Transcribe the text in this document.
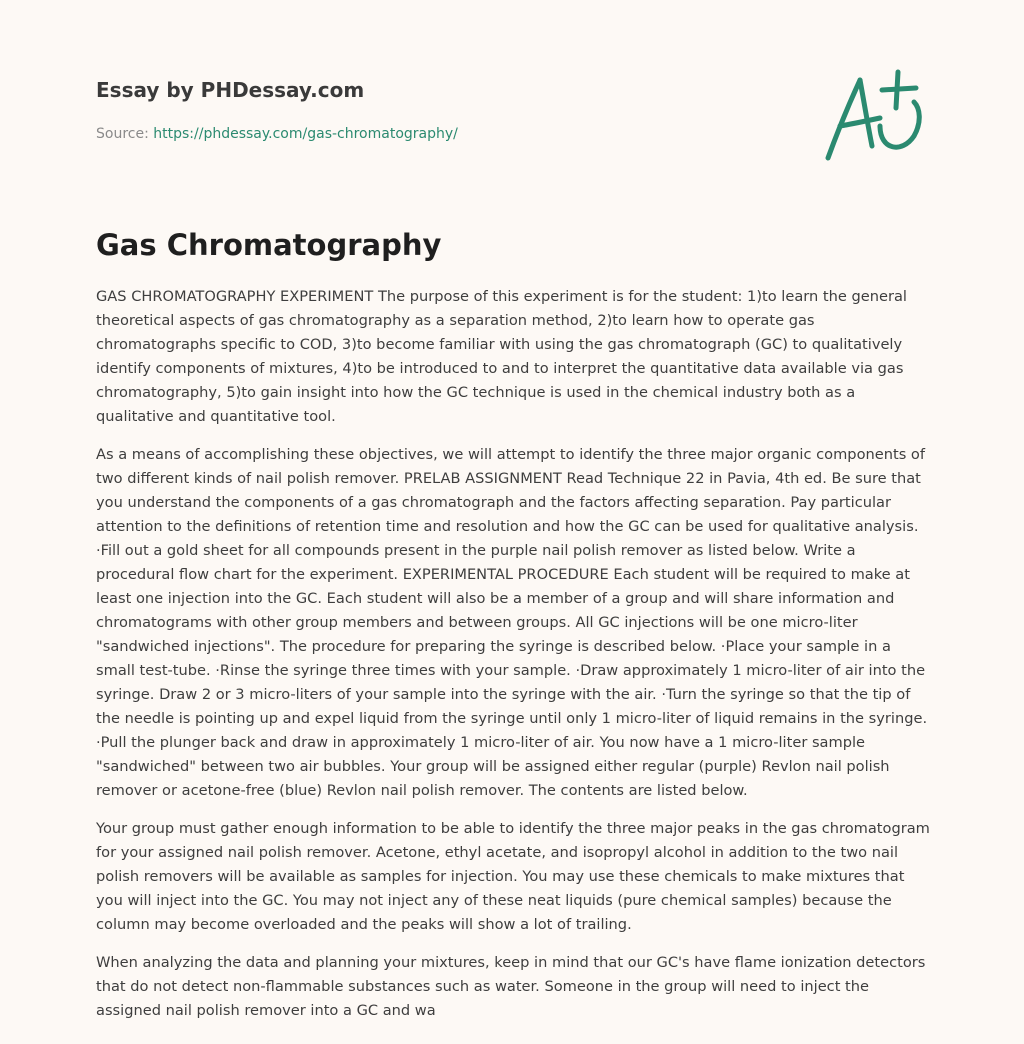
Essay by PHDessay.com
Source: https://phdessay.com/gas-chromatography/
Gas Chromatography

GAS CHROMATOGRAPHY EXPERIMENT The purpose of this experiment is for the student: 1)to learn the general theoretical aspects of gas chromatography as a separation method, 2)to learn how to operate gas chromatographs specific to COD, 3)to become familiar with using the gas chromatograph (GC) to qualitatively identify components of mixtures, 4)to be introduced to and to interpret the quantitative data available via gas chromatography, 5)to gain insight into how the GC technique is used in the chemical industry both as a qualitative and quantitative tool.

As a means of accomplishing these objectives, we will attempt to identify the three major organic components of two different kinds of nail polish remover. PRELAB ASSIGNMENT Read Technique 22 in Pavia, 4th ed. Be sure that you understand the components of a gas chromatograph and the factors affecting separation. Pay particular attention to the definitions of retention time and resolution and how the GC can be used for qualitative analysis. ·Fill out a gold sheet for all compounds present in the purple nail polish remover as listed below. Write a procedural flow chart for the experiment. EXPERIMENTAL PROCEDURE Each student will be required to make at least one injection into the GC. Each student will also be a member of a group and will share information and chromatograms with other group members and between groups. All GC injections will be one micro-liter "sandwiched injections". The procedure for preparing the syringe is described below. ·Place your sample in a small test-tube. ·Rinse the syringe three times with your sample. ·Draw approximately 1 micro-liter of air into the syringe. Draw 2 or 3 micro-liters of your sample into the syringe with the air. ·Turn the syringe so that the tip of the needle is pointing up and expel liquid from the syringe until only 1 micro-liter of liquid remains in the syringe. ·Pull the plunger back and draw in approximately 1 micro-liter of air. You now have a 1 micro-liter sample "sandwiched" between two air bubbles. Your group will be assigned either regular (purple) Revlon nail polish remover or acetone-free (blue) Revlon nail polish remover. The contents are listed below.

Your group must gather enough information to be able to identify the three major peaks in the gas chromatogram for your assigned nail polish remover. Acetone, ethyl acetate, and isopropyl alcohol in addition to the two nail polish removers will be available as samples for injection. You may use these chemicals to make mixtures that you will inject into the GC. You may not inject any of these neat liquids (pure chemical samples) because the column may become overloaded and the peaks will show a lot of trailing.

When analyzing the data and planning your mixtures, keep in mind that our GC's have flame ionization detectors that do not detect non-flammable substances such as water. Someone in the group will need to inject the assigned nail polish remover into a GC and wa
